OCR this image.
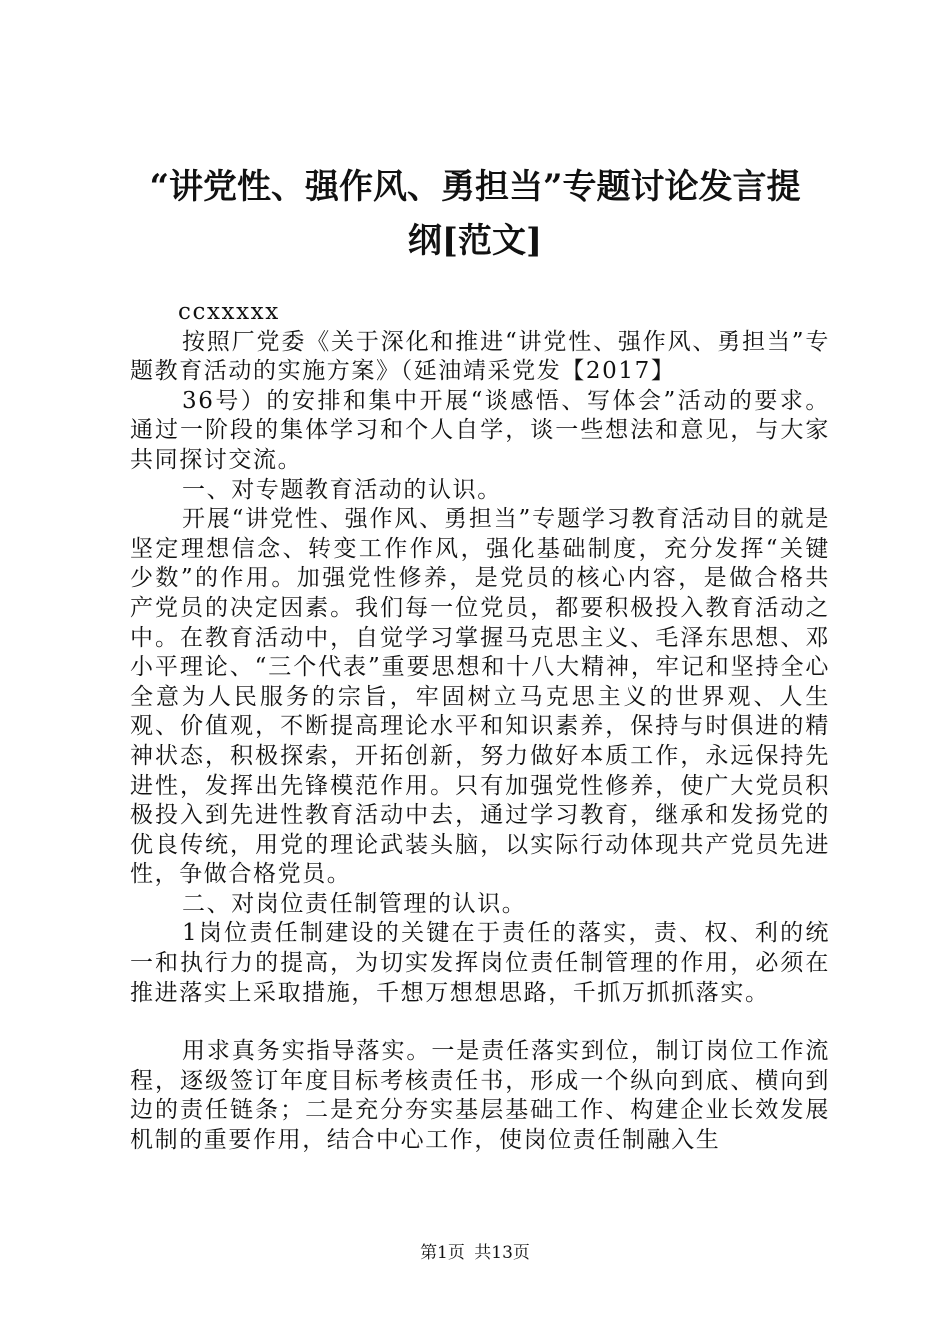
“讲党性、强作风、勇担当”专题讨论发言提
纲[范文]

ccxxxxx

按照厂党委《关于深化和推进“讲党性、强作风、勇担当”专题教育活动的实施方案》（延油靖采党发【2017】

36号）的安排和集中开展“谈感悟、写体会”活动的要求。通过一阶段的集体学习和个人自学，谈一些想法和意见，与大家共同探讨交流。

一、对专题教育活动的认识。

开展“讲党性、强作风、勇担当”专题学习教育活动目的就是坚定理想信念、转变工作作风，强化基础制度，充分发挥“关键少数”的作用。加强党性修养，是党员的核心内容，是做合格共产党员的决定因素。我们每一位党员，都要积极投入教育活动之中。在教育活动中，自觉学习掌握马克思主义、毛泽东思想、邓小平理论、“三个代表”重要思想和十八大精神，牢记和坚持全心全意为人民服务的宗旨，牢固树立马克思主义的世界观、人生观、价值观，不断提高理论水平和知识素养，保持与时俱进的精神状态，积极探索，开拓创新，努力做好本质工作，永远保持先进性，发挥出先锋模范作用。只有加强党性修养，使广大党员积极投入到先进性教育活动中去，通过学习教育，继承和发扬党的优良传统，用党的理论武装头脑，以实际行动体现共产党员先进性，争做合格党员。

二、对岗位责任制管理的认识。

1岗位责任制建设的关键在于责任的落实，责、权、利的统一和执行力的提高，为切实发挥岗位责任制管理的作用，必须在推进落实上采取措施，千想万想想思路，千抓万抓抓落实。

用求真务实指导落实。一是责任落实到位，制订岗位工作流程，逐级签订年度目标考核责任书，形成一个纵向到底、横向到边的责任链条；二是充分夯实基层基础工作、构建企业长效发展机制的重要作用，结合中心工作，使岗位责任制融入生

第1页 共13页
